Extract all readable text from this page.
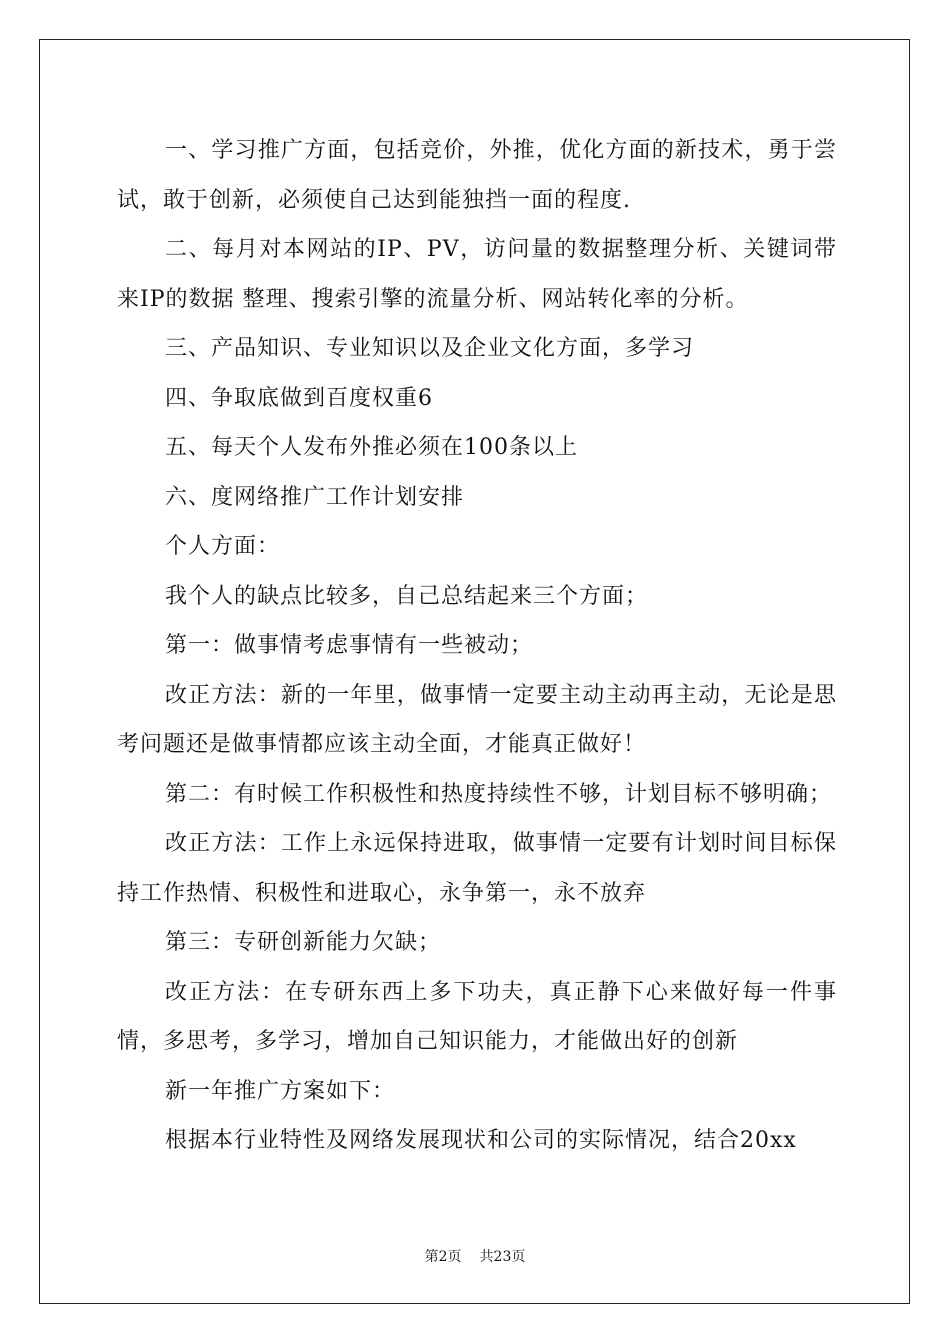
一、学习推广方面，包括竞价，外推，优化方面的新技术，勇于尝试，敢于创新，必须使自己达到能独挡一面的程度.

二、每月对本网站的IP、PV，访问量的数据整理分析、关键词带来IP的数据 整理、搜索引擎的流量分析、网站转化率的分析。

三、产品知识、专业知识以及企业文化方面，多学习

四、争取底做到百度权重6

五、每天个人发布外推必须在100条以上

六、度网络推广工作计划安排

个人方面：

我个人的缺点比较多，自己总结起来三个方面；

第一：做事情考虑事情有一些被动；

改正方法：新的一年里，做事情一定要主动主动再主动，无论是思考问题还是做事情都应该主动全面，才能真正做好！

第二：有时候工作积极性和热度持续性不够，计划目标不够明确；

改正方法：工作上永远保持进取，做事情一定要有计划时间目标保持工作热情、积极性和进取心，永争第一，永不放弃

第三：专研创新能力欠缺；

改正方法：在专研东西上多下功夫，真正静下心来做好每一件事情，多思考，多学习，增加自己知识能力，才能做出好的创新

新一年推广方案如下：

根据本行业特性及网络发展现状和公司的实际情况，结合20xx

第2页 共23页
